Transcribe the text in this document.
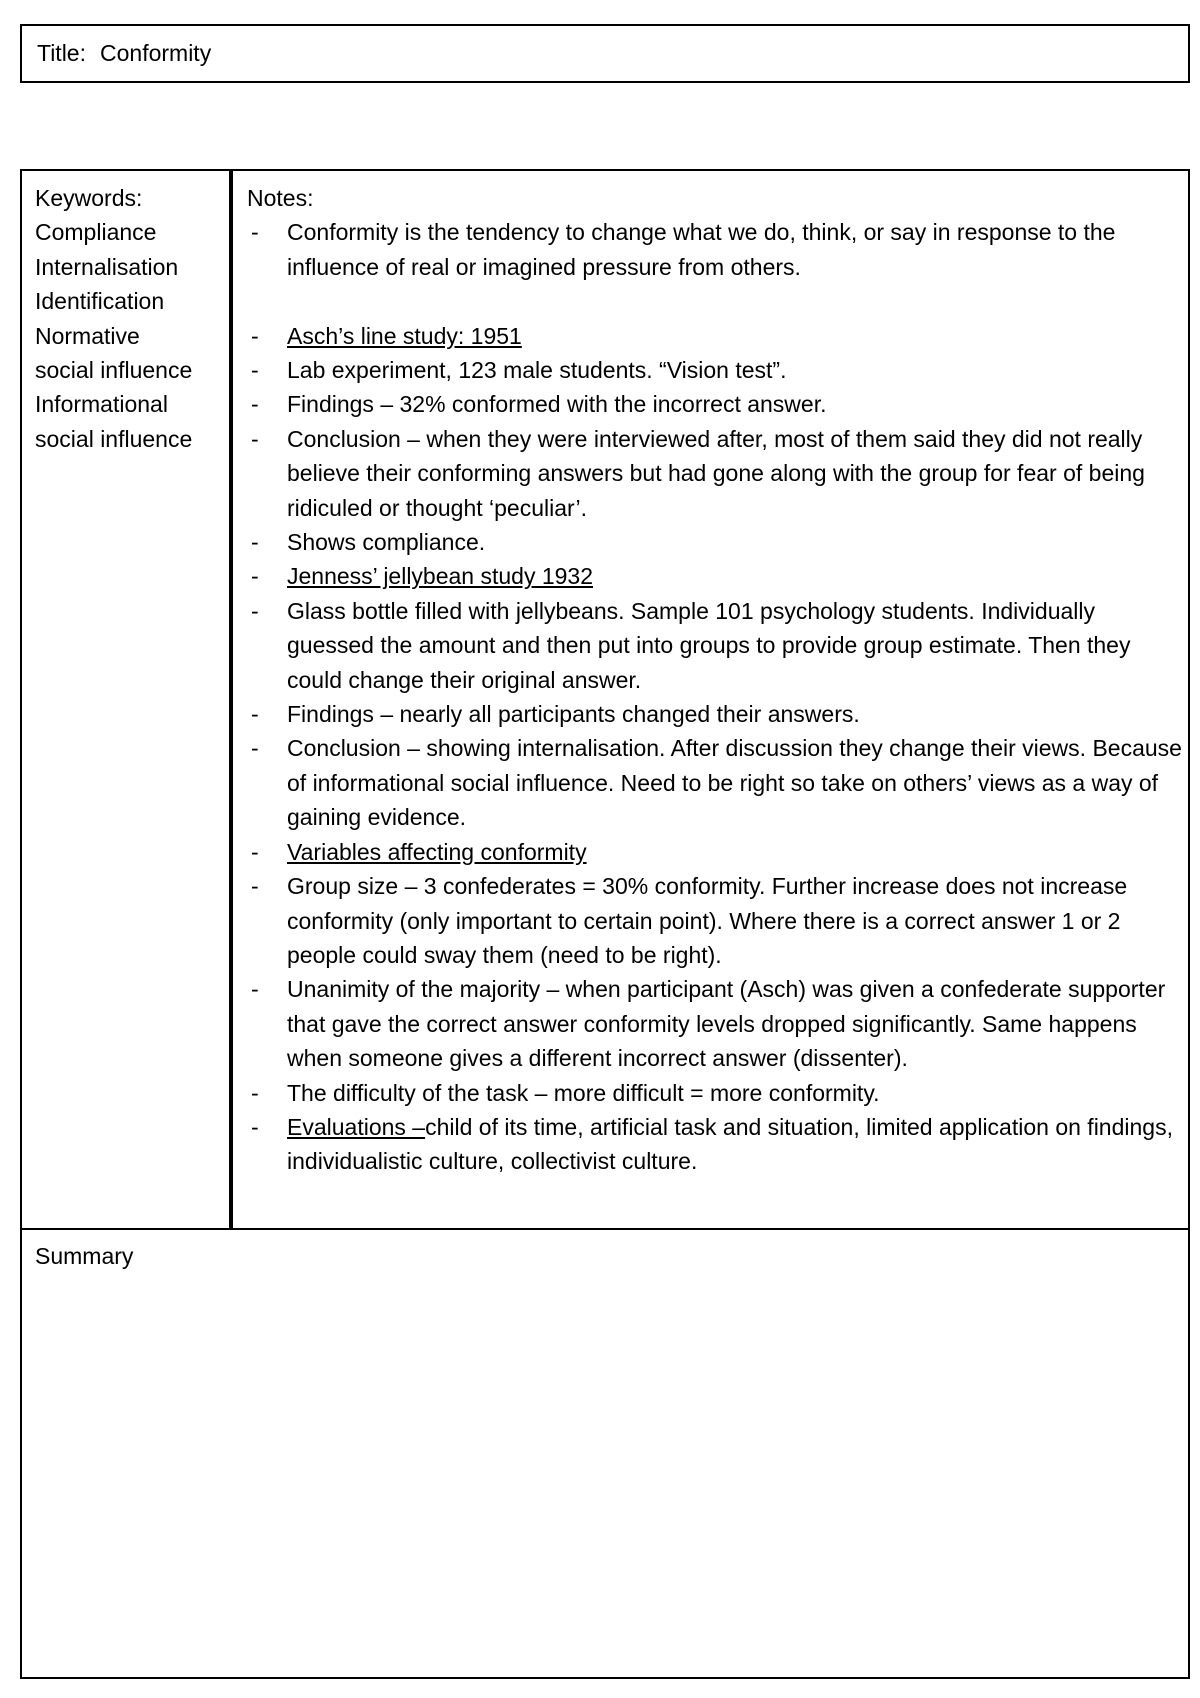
Title: Conformity
Keywords:
Compliance
Internalisation
Identification
Normative
social influence
Informational
social influence
Notes:
- Conformity is the tendency to change what we do, think, or say in response to the influence of real or imagined pressure from others.
- Asch’s line study: 1951
- Lab experiment, 123 male students. “Vision test”.
- Findings – 32% conformed with the incorrect answer.
- Conclusion – when they were interviewed after, most of them said they did not really believe their conforming answers but had gone along with the group for fear of being ridiculed or thought ‘peculiar’.
- Shows compliance.
- Jenness’ jellybean study 1932
- Glass bottle filled with jellybeans. Sample 101 psychology students. Individually guessed the amount and then put into groups to provide group estimate. Then they could change their original answer.
- Findings – nearly all participants changed their answers.
- Conclusion – showing internalisation. After discussion they change their views. Because of informational social influence. Need to be right so take on others’ views as a way of gaining evidence.
- Variables affecting conformity
- Group size – 3 confederates = 30% conformity. Further increase does not increase conformity (only important to certain point). Where there is a correct answer 1 or 2 people could sway them (need to be right).
- Unanimity of the majority – when participant (Asch) was given a confederate supporter that gave the correct answer conformity levels dropped significantly. Same happens when someone gives a different incorrect answer (dissenter).
- The difficulty of the task – more difficult = more conformity.
- Evaluations –child of its time, artificial task and situation, limited application on findings, individualistic culture, collectivist culture.
Summary
